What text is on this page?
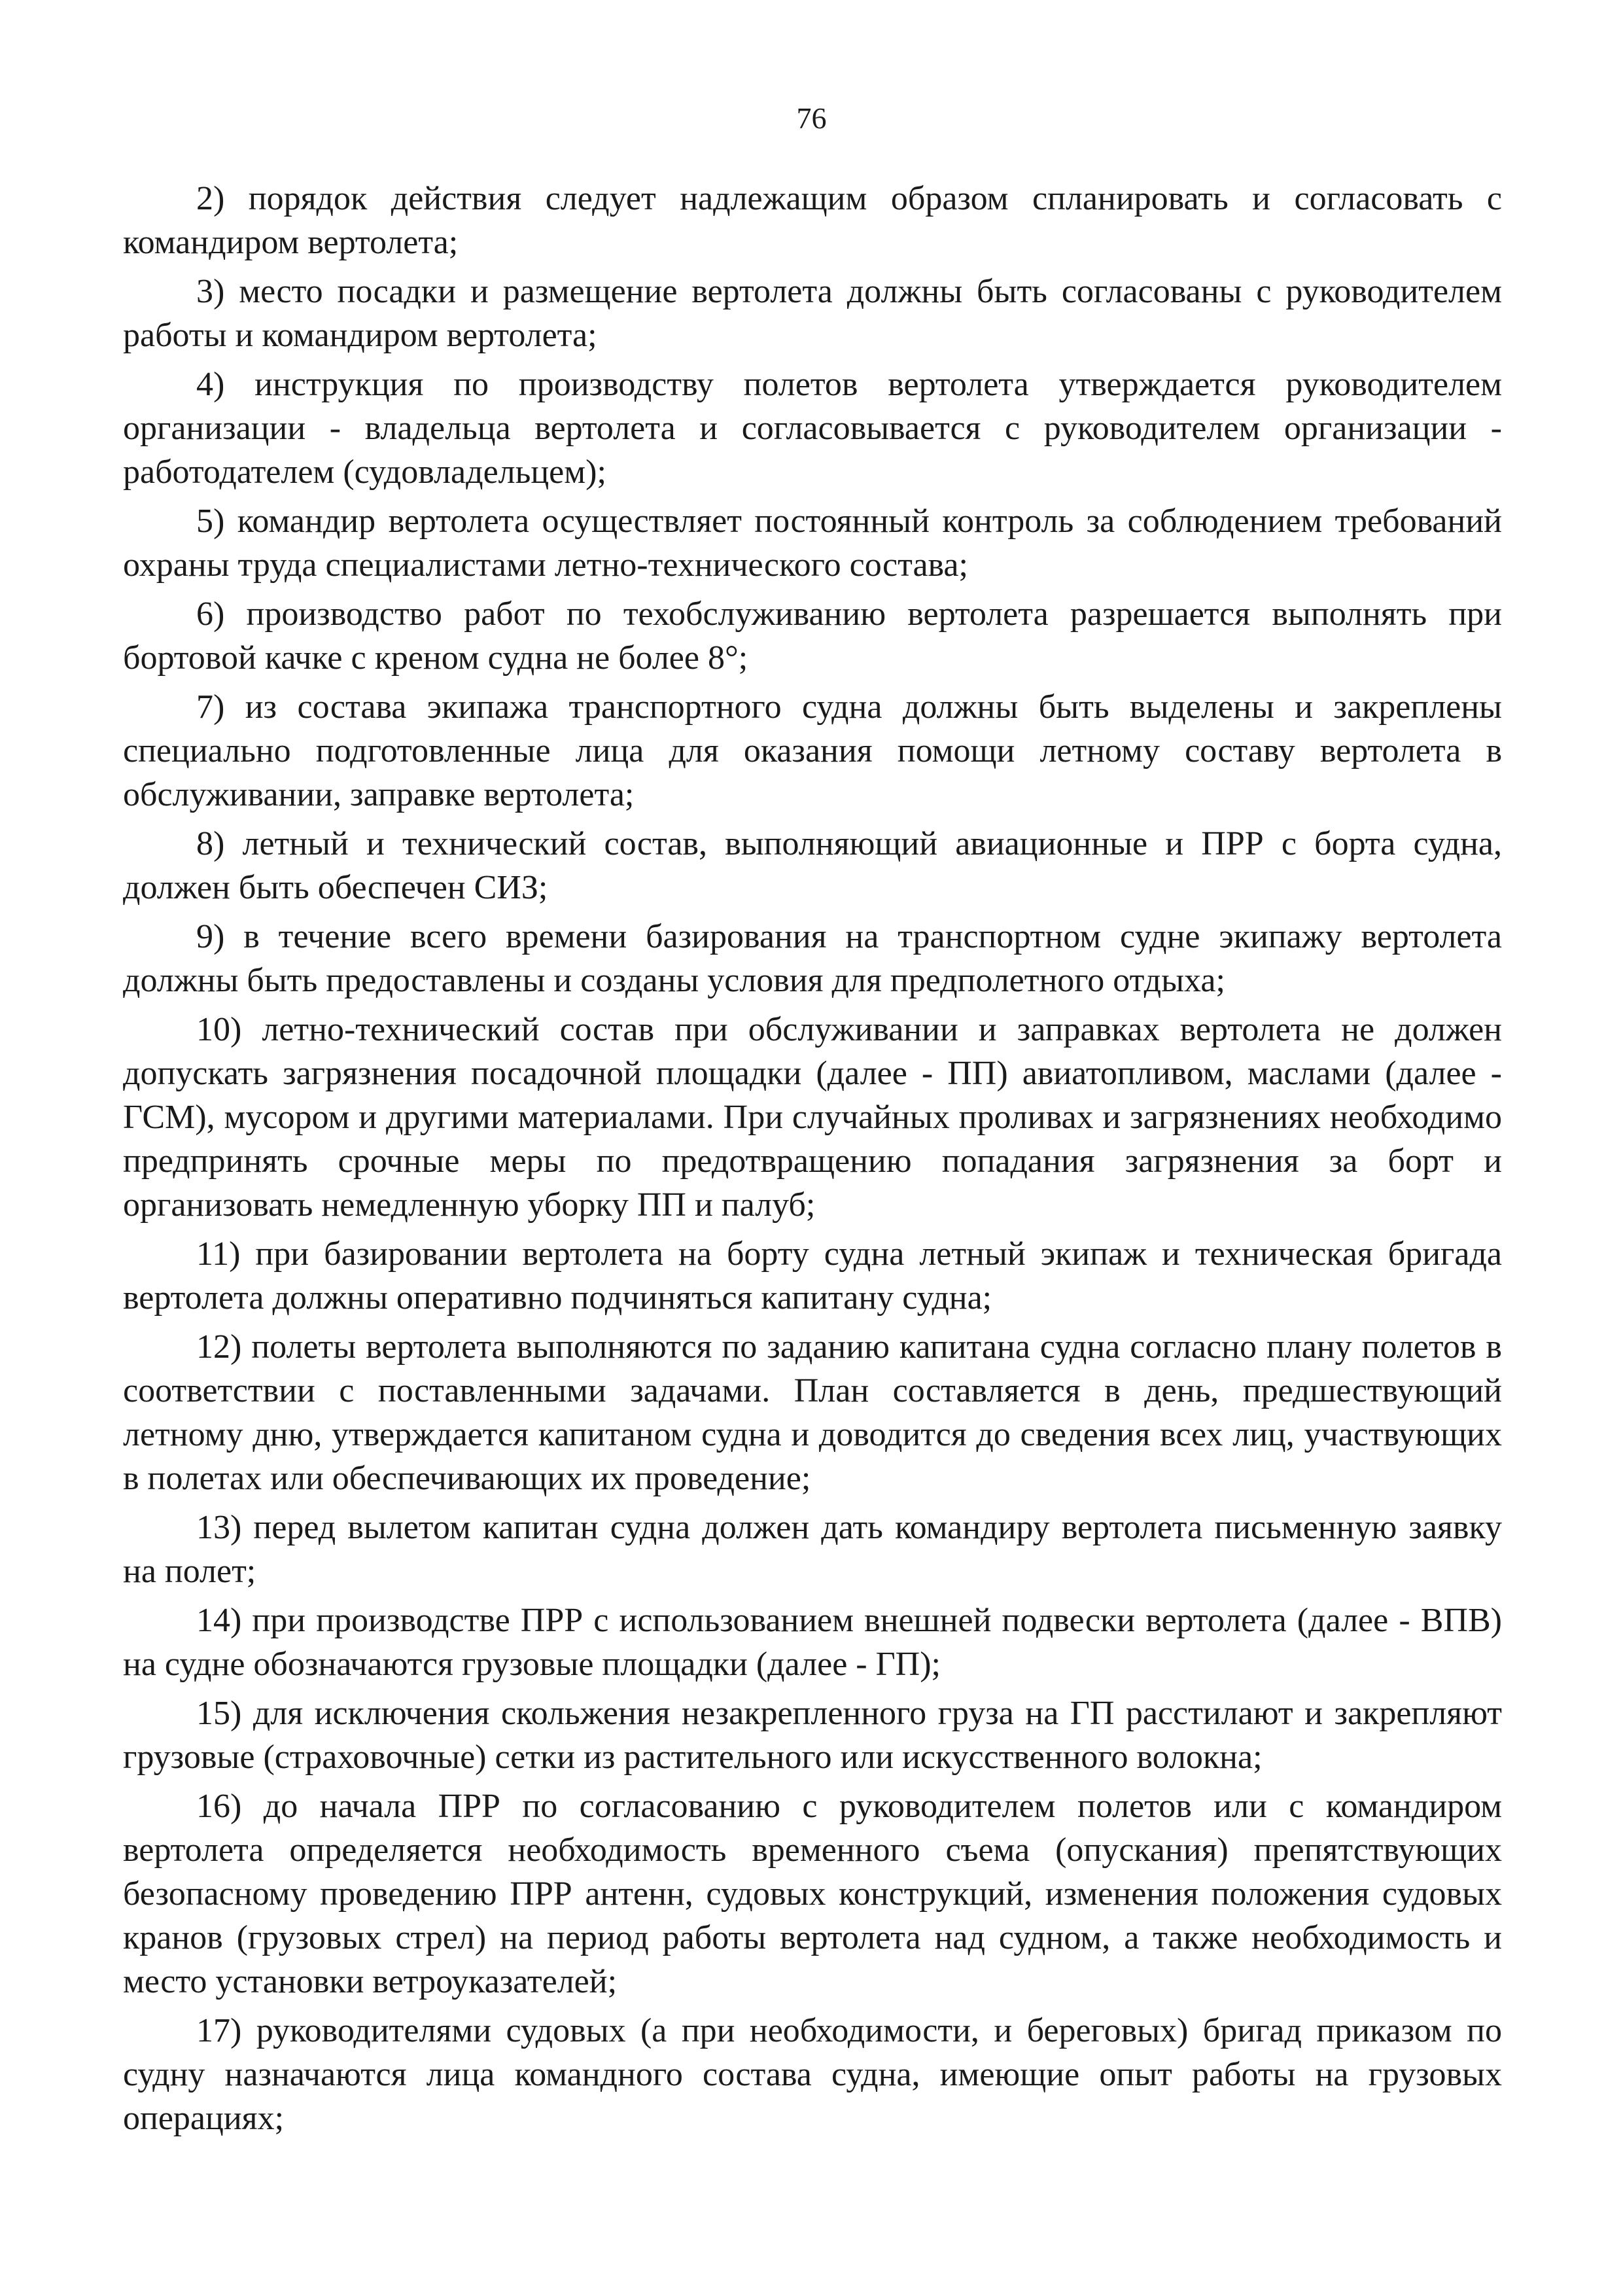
76

2) порядок действия следует надлежащим образом спланировать и согласовать с командиром вертолета;

3) место посадки и размещение вертолета должны быть согласованы с руководителем работы и командиром вертолета;

4) инструкция по производству полетов вертолета утверждается руководителем организации - владельца вертолета и согласовывается с руководителем организации - работодателем (судовладельцем);

5) командир вертолета осуществляет постоянный контроль за соблюдением требований охраны труда специалистами летно-технического состава;

6) производство работ по техобслуживанию вертолета разрешается выполнять при бортовой качке с креном судна не более 8°;

7) из состава экипажа транспортного судна должны быть выделены и закреплены специально подготовленные лица для оказания помощи летному составу вертолета в обслуживании, заправке вертолета;

8) летный и технический состав, выполняющий авиационные и ПРР с борта судна, должен быть обеспечен СИЗ;

9) в течение всего времени базирования на транспортном судне экипажу вертолета должны быть предоставлены и созданы условия для предполетного отдыха;

10) летно-технический состав при обслуживании и заправках вертолета не должен допускать загрязнения посадочной площадки (далее - ПП) авиатопливом, маслами (далее - ГСМ), мусором и другими материалами. При случайных проливах и загрязнениях необходимо предпринять срочные меры по предотвращению попадания загрязнения за борт и организовать немедленную уборку ПП и палуб;

11) при базировании вертолета на борту судна летный экипаж и техническая бригада вертолета должны оперативно подчиняться капитану судна;

12) полеты вертолета выполняются по заданию капитана судна согласно плану полетов в соответствии с поставленными задачами. План составляется в день, предшествующий летному дню, утверждается капитаном судна и доводится до сведения всех лиц, участвующих в полетах или обеспечивающих их проведение;

13) перед вылетом капитан судна должен дать командиру вертолета письменную заявку на полет;

14) при производстве ПРР с использованием внешней подвески вертолета (далее - ВПВ) на судне обозначаются грузовые площадки (далее - ГП);

15) для исключения скольжения незакрепленного груза на ГП расстилают и закрепляют грузовые (страховочные) сетки из растительного или искусственного волокна;

16) до начала ПРР по согласованию с руководителем полетов или с командиром вертолета определяется необходимость временного съема (опускания) препятствующих безопасному проведению ПРР антенн, судовых конструкций, изменения положения судовых кранов (грузовых стрел) на период работы вертолета над судном, а также необходимость и место установки ветроуказателей;

17) руководителями судовых (а при необходимости, и береговых) бригад приказом по судну назначаются лица командного состава судна, имеющие опыт работы на грузовых операциях;
